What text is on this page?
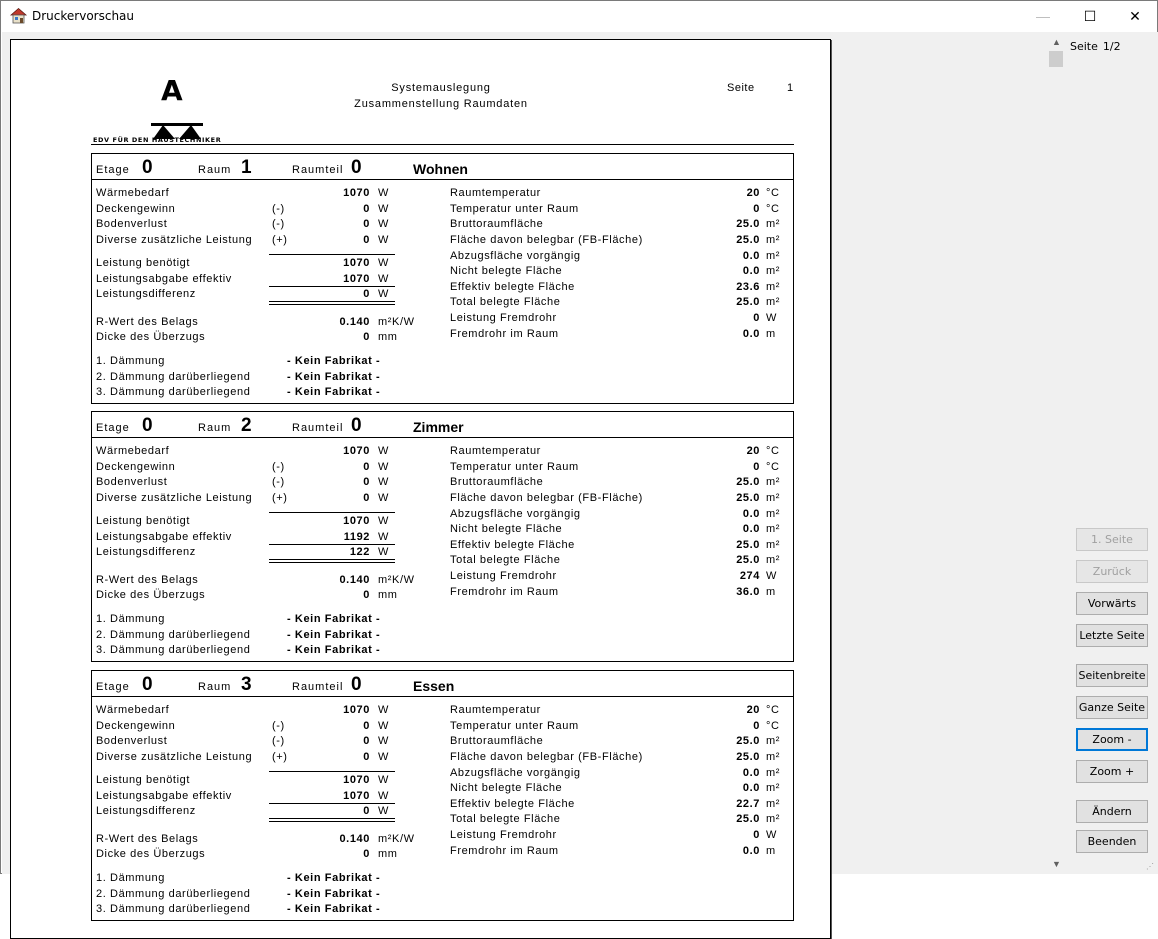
Druckervorschau	—	☐	✕
A
EDV FÜR DEN HAUSTECHNIKER
Systemauslegung
Zusammenstellung Raumdaten
Seite	1
Etage 0	Raum 1	Raumteil 0	Wohnen
Wärmebedarf	1070 W
Deckengewinn	(-)	0 W
Bodenverlust	(-)	0 W
Diverse zusätzliche Leistung (+)	0 W
Leistung benötigt	1070 W
Leistungsabgabe effektiv	1070 W
Leistungsdifferenz	0 W
R-Wert des Belags	0.140 m²K/W
Dicke des Überzugs	0 mm
Raumtemperatur	20 °C
Temperatur unter Raum	0 °C
Bruttoraumfläche	25.0 m²
Fläche davon belegbar (FB-Fläche)	25.0 m²
Abzugsfläche vorgängig	0.0 m²
Nicht belegte Fläche	0.0 m²
Effektiv belegte Fläche	23.6 m²
Total belegte Fläche	25.0 m²
Leistung Fremdrohr	0 W
Fremdrohr im Raum	0.0 m
1. Dämmung	- Kein Fabrikat -
2. Dämmung darüberliegend	- Kein Fabrikat -
3. Dämmung darüberliegend	- Kein Fabrikat -
Etage 0	Raum 2	Raumteil 0	Zimmer
Wärmebedarf	1070 W
Deckengewinn	(-)	0 W
Bodenverlust	(-)	0 W
Diverse zusätzliche Leistung (+)	0 W
Leistung benötigt	1070 W
Leistungsabgabe effektiv	1192 W
Leistungsdifferenz	122 W
R-Wert des Belags	0.140 m²K/W
Dicke des Überzugs	0 mm
Raumtemperatur	20 °C
Temperatur unter Raum	0 °C
Bruttoraumfläche	25.0 m²
Fläche davon belegbar (FB-Fläche)	25.0 m²
Abzugsfläche vorgängig	0.0 m²
Nicht belegte Fläche	0.0 m²
Effektiv belegte Fläche	25.0 m²
Total belegte Fläche	25.0 m²
Leistung Fremdrohr	274 W
Fremdrohr im Raum	36.0 m
1. Dämmung	- Kein Fabrikat -
2. Dämmung darüberliegend	- Kein Fabrikat -
3. Dämmung darüberliegend	- Kein Fabrikat -
Etage 0	Raum 3	Raumteil 0	Essen
Wärmebedarf	1070 W
Deckengewinn	(-)	0 W
Bodenverlust	(-)	0 W
Diverse zusätzliche Leistung (+)	0 W
Leistung benötigt	1070 W
Leistungsabgabe effektiv	1070 W
Leistungsdifferenz	0 W
R-Wert des Belags	0.140 m²K/W
Dicke des Überzugs	0 mm
Raumtemperatur	20 °C
Temperatur unter Raum	0 °C
Bruttoraumfläche	25.0 m²
Fläche davon belegbar (FB-Fläche)	25.0 m²
Abzugsfläche vorgängig	0.0 m²
Nicht belegte Fläche	0.0 m²
Effektiv belegte Fläche	22.7 m²
Total belegte Fläche	25.0 m²
Leistung Fremdrohr	0 W
Fremdrohr im Raum	0.0 m
1. Dämmung	- Kein Fabrikat -
2. Dämmung darüberliegend	- Kein Fabrikat -
3. Dämmung darüberliegend	- Kein Fabrikat -
▲
▼
Seite 1/2
1. Seite
Zurück
Vorwärts
Letzte Seite
Seitenbreite
Ganze Seite
Zoom -
Zoom +
Ändern
Beenden
⋰
